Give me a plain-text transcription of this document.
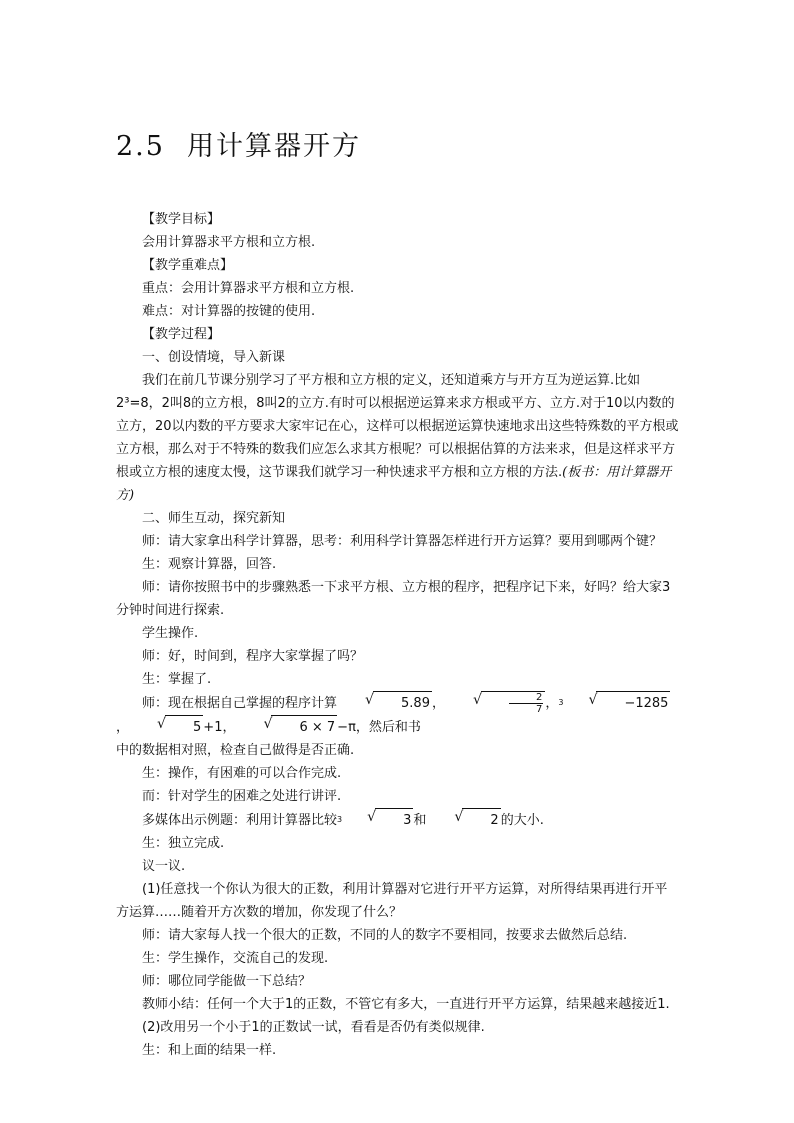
2.5 用计算器开方

【教学目标】

会用计算器求平方根和立方根.

【教学重难点】

重点：会用计算器求平方根和立方根.

难点：对计算器的按键的使用.

【教学过程】

一、创设情境，导入新课

我们在前几节课分别学习了平方根和立方根的定义，还知道乘方与开方互为逆运算.比如2³=8，2叫8的立方根，8叫2的立方.有时可以根据逆运算来求方根或平方、立方.对于10以内数的立方，20以内数的平方要求大家牢记在心，这样可以根据逆运算快速地求出这些特殊数的平方根或立方根，那么对于不特殊的数我们应怎么求其方根呢？可以根据估算的方法来求，但是这样求平方根或立方根的速度太慢，这节课我们就学习一种快速求平方根和立方根的方法.(板书：用计算器开方)

二、师生互动，探究新知

师：请大家拿出科学计算器，思考：利用科学计算器怎样进行开方运算？要用到哪两个键？

生：观察计算器，回答.

师：请你按照书中的步骤熟悉一下求平方根、立方根的程序，把程序记下来，好吗？给大家3分钟时间进行探索.

学生操作.

师：好，时间到，程序大家掌握了吗？

生：掌握了.

师：现在根据自己掌握的程序计算	√ 5.89 ，	√	$\frac{2}{7}$ ，$^3$	√ −1285，	√ 5 +1，	√ 6 × 7 −π，然后和书

中的数据相对照，检查自己做得是否正确.

生：操作，有困难的可以合作完成.

而：针对学生的困难之处进行讲评.

多媒体出示例题：利用计算器比较$^3$	√ 3 和	√ 2 的大小.

生：独立完成.

议一议.

(1)任意找一个你认为很大的正数，利用计算器对它进行开平方运算，对所得结果再进行开平方运算……随着开方次数的增加，你发现了什么？

师：请大家每人找一个很大的正数，不同的人的数字不要相同，按要求去做然后总结.

生：学生操作，交流自己的发现.

师：哪位同学能做一下总结？

教师小结：任何一个大于1的正数，不管它有多大，一直进行开平方运算，结果越来越接近1.

(2)改用另一个小于1的正数试一试，看看是否仍有类似规律.

生：和上面的结果一样.
